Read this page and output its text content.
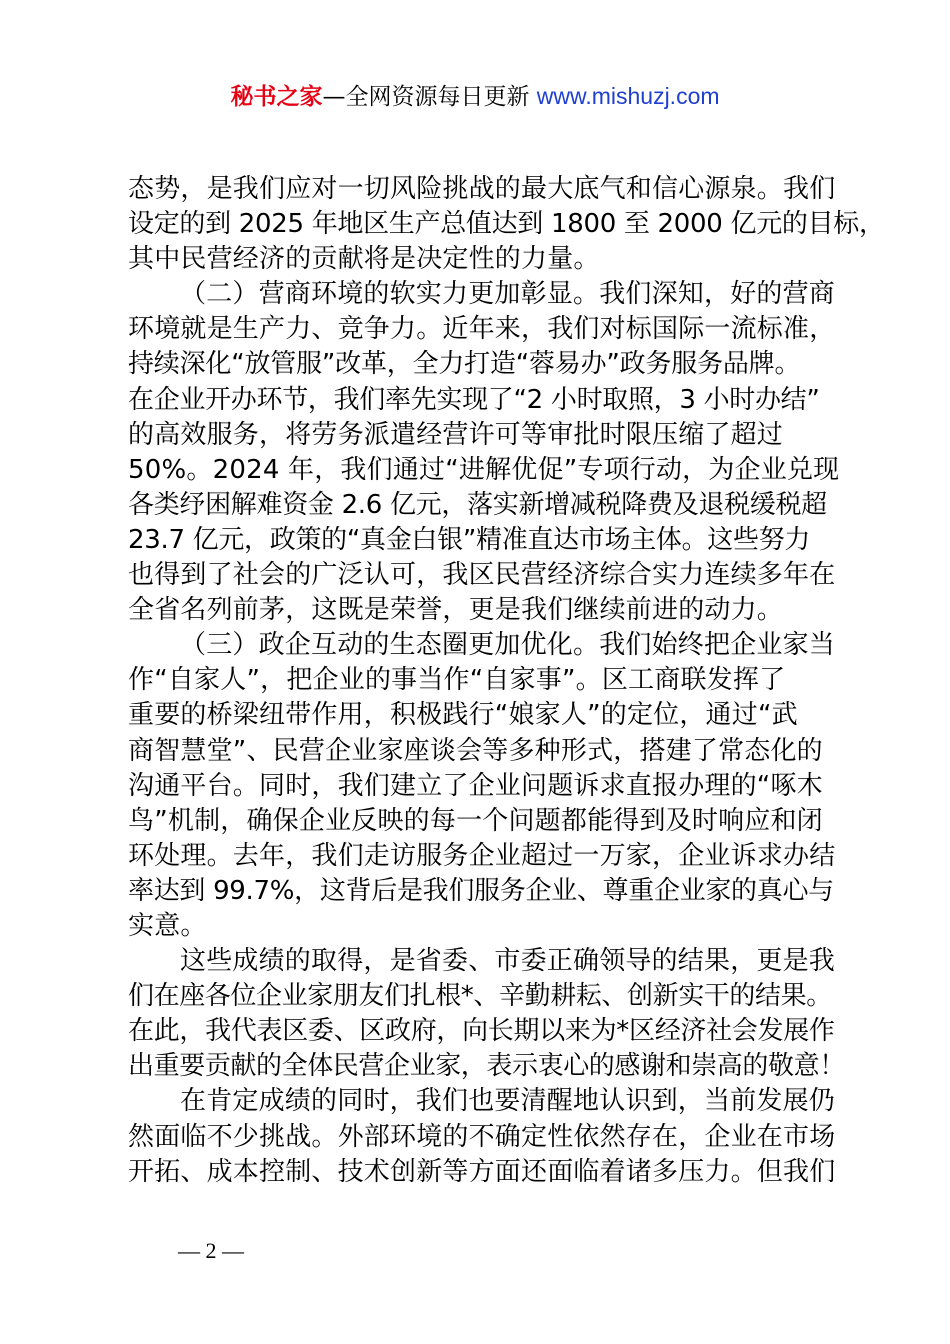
秘书之家—全网资源每日更新 www.mishuzj.com
态势，是我们应对一切风险挑战的最大底气和信心源泉。我们
设定的到 2025 年地区生产总值达到 1800 至 2000 亿元的目标，
其中民营经济的贡献将是决定性的力量。
（二）营商环境的软实力更加彰显。我们深知，好的营商
环境就是生产力、竞争力。近年来，我们对标国际一流标准，
持续深化“放管服”改革，全力打造“蓉易办”政务服务品牌。
在企业开办环节，我们率先实现了“2 小时取照，3 小时办结”
的高效服务，将劳务派遣经营许可等审批时限压缩了超过
50%。2024 年，我们通过“进解优促”专项行动，为企业兑现
各类纾困解难资金 2.6 亿元，落实新增减税降费及退税缓税超
23.7 亿元，政策的“真金白银”精准直达市场主体。这些努力
也得到了社会的广泛认可，我区民营经济综合实力连续多年在
全省名列前茅，这既是荣誉，更是我们继续前进的动力。
（三）政企互动的生态圈更加优化。我们始终把企业家当
作“自家人”，把企业的事当作“自家事”。区工商联发挥了
重要的桥梁纽带作用，积极践行“娘家人”的定位，通过“武
商智慧堂”、民营企业家座谈会等多种形式，搭建了常态化的
沟通平台。同时，我们建立了企业问题诉求直报办理的“啄木
鸟”机制，确保企业反映的每一个问题都能得到及时响应和闭
环处理。去年，我们走访服务企业超过一万家，企业诉求办结
率达到 99.7%，这背后是我们服务企业、尊重企业家的真心与
实意。
这些成绩的取得，是省委、市委正确领导的结果，更是我
们在座各位企业家朋友们扎根*、辛勤耕耘、创新实干的结果。
在此，我代表区委、区政府，向长期以来为*区经济社会发展作
出重要贡献的全体民营企业家，表示衷心的感谢和崇高的敬意！
在肯定成绩的同时，我们也要清醒地认识到，当前发展仍
然面临不少挑战。外部环境的不确定性依然存在，企业在市场
开拓、成本控制、技术创新等方面还面临着诸多压力。但我们
— 2 —
